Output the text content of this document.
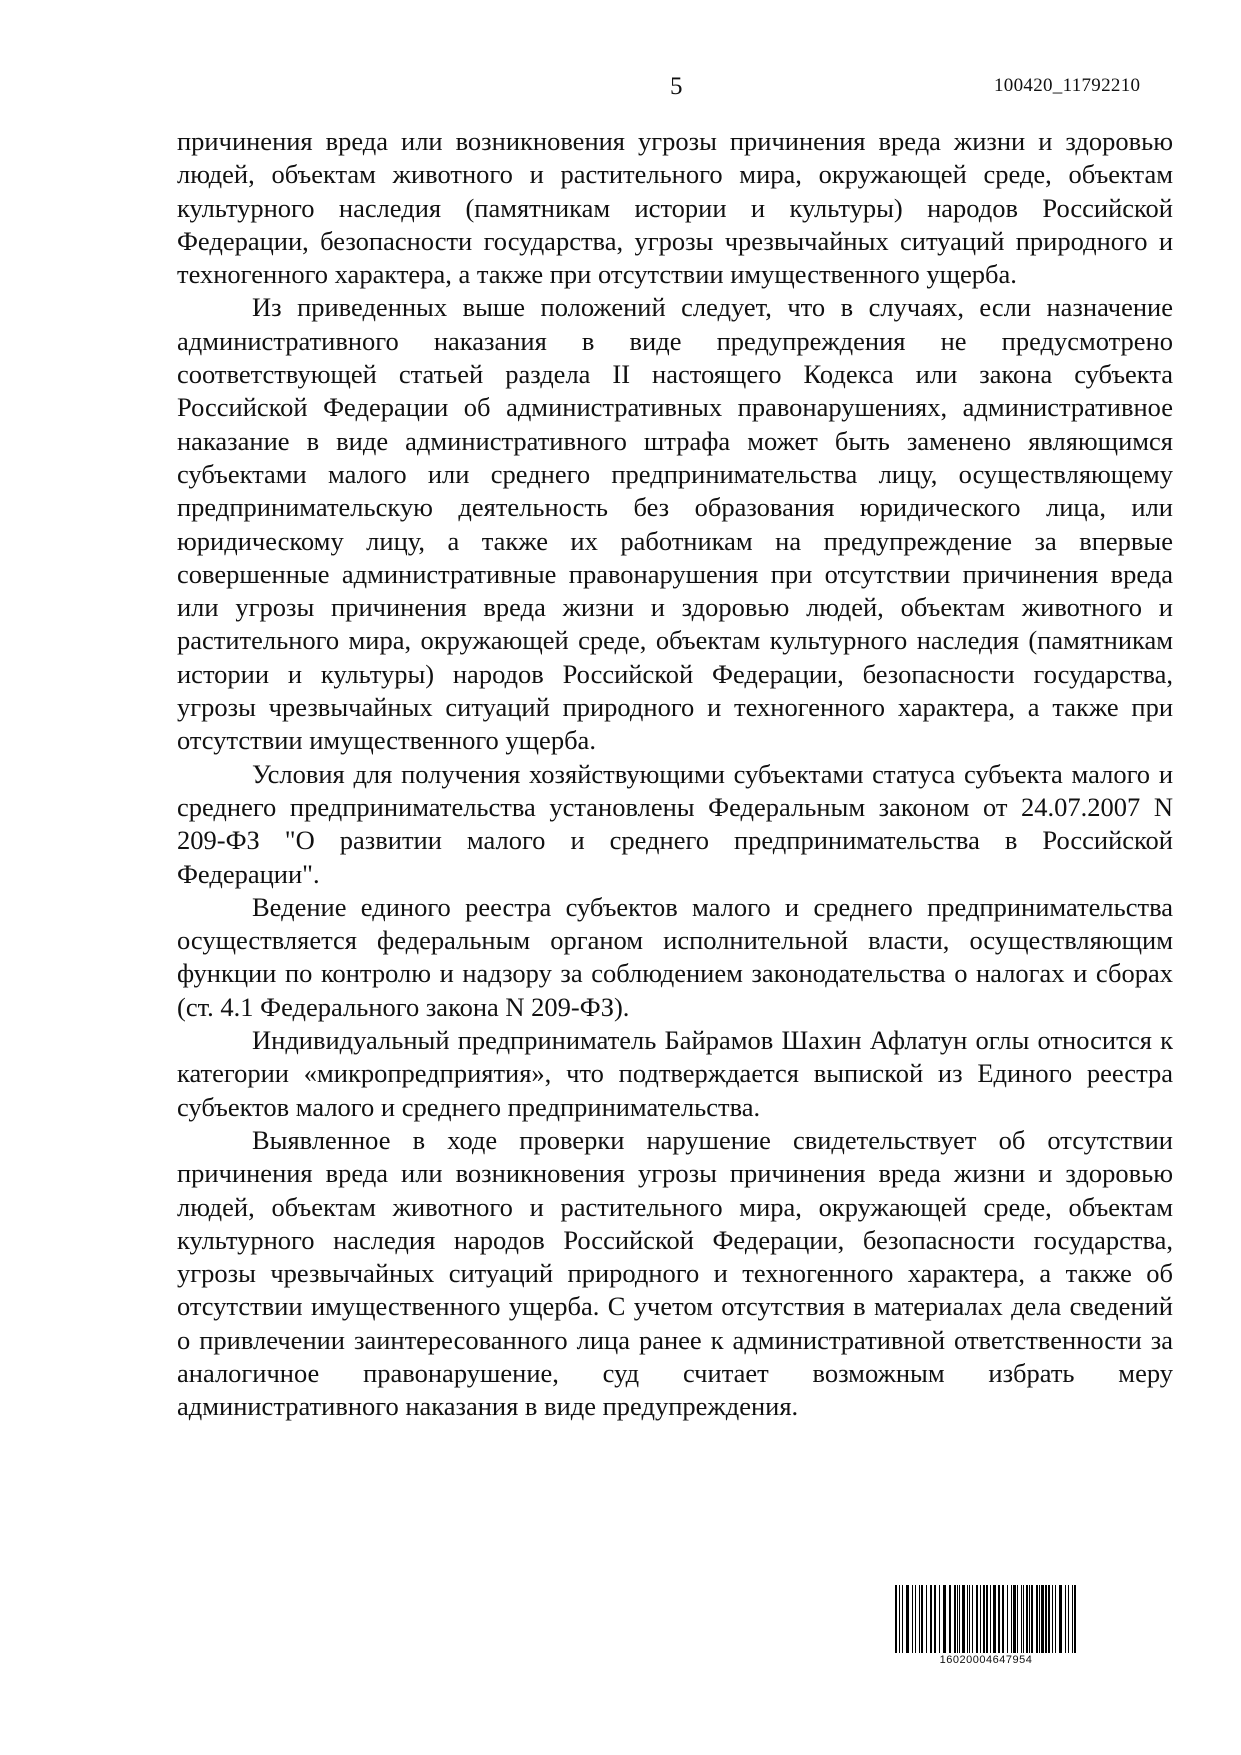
5	100420_11792210

причинения вреда или возникновения угрозы причинения вреда жизни и здоровью людей, объектам животного и растительного мира, окружающей среде, объектам культурного наследия (памятникам истории и культуры) народов Российской Федерации, безопасности государства, угрозы чрезвычайных ситуаций природного и техногенного характера, а также при отсутствии имущественного ущерба.

Из приведенных выше положений следует, что в случаях, если назначение административного наказания в виде предупреждения не предусмотрено соответствующей статьей раздела II настоящего Кодекса или закона субъекта Российской Федерации об административных правонарушениях, административное наказание в виде административного штрафа может быть заменено являющимся субъектами малого или среднего предпринимательства лицу, осуществляющему предпринимательскую деятельность без образования юридического лица, или юридическому лицу, а также их работникам на предупреждение за впервые совершенные административные правонарушения при отсутствии причинения вреда или угрозы причинения вреда жизни и здоровью людей, объектам животного и растительного мира, окружающей среде, объектам культурного наследия (памятникам истории и культуры) народов Российской Федерации, безопасности государства, угрозы чрезвычайных ситуаций природного и техногенного характера, а также при отсутствии имущественного ущерба.

Условия для получения хозяйствующими субъектами статуса субъекта малого и среднего предпринимательства установлены Федеральным законом от 24.07.2007 N 209-ФЗ "О развитии малого и среднего предпринимательства в Российской Федерации".

Ведение единого реестра субъектов малого и среднего предпринимательства осуществляется федеральным органом исполнительной власти, осуществляющим функции по контролю и надзору за соблюдением законодательства о налогах и сборах (ст. 4.1 Федерального закона N 209-ФЗ).

Индивидуальный предприниматель Байрамов Шахин Афлатун оглы относится к категории «микропредприятия», что подтверждается выпиской из Единого реестра субъектов малого и среднего предпринимательства.

Выявленное в ходе проверки нарушение свидетельствует об отсутствии причинения вреда или возникновения угрозы причинения вреда жизни и здоровью людей, объектам животного и растительного мира, окружающей среде, объектам культурного наследия народов Российской Федерации, безопасности государства, угрозы чрезвычайных ситуаций природного и техногенного характера, а также об отсутствии имущественного ущерба. С учетом отсутствия в материалах дела сведений о привлечении заинтересованного лица ранее к административной ответственности за аналогичное правонарушение, суд считает возможным избрать меру административного наказания в виде предупреждения.

16020004647954
